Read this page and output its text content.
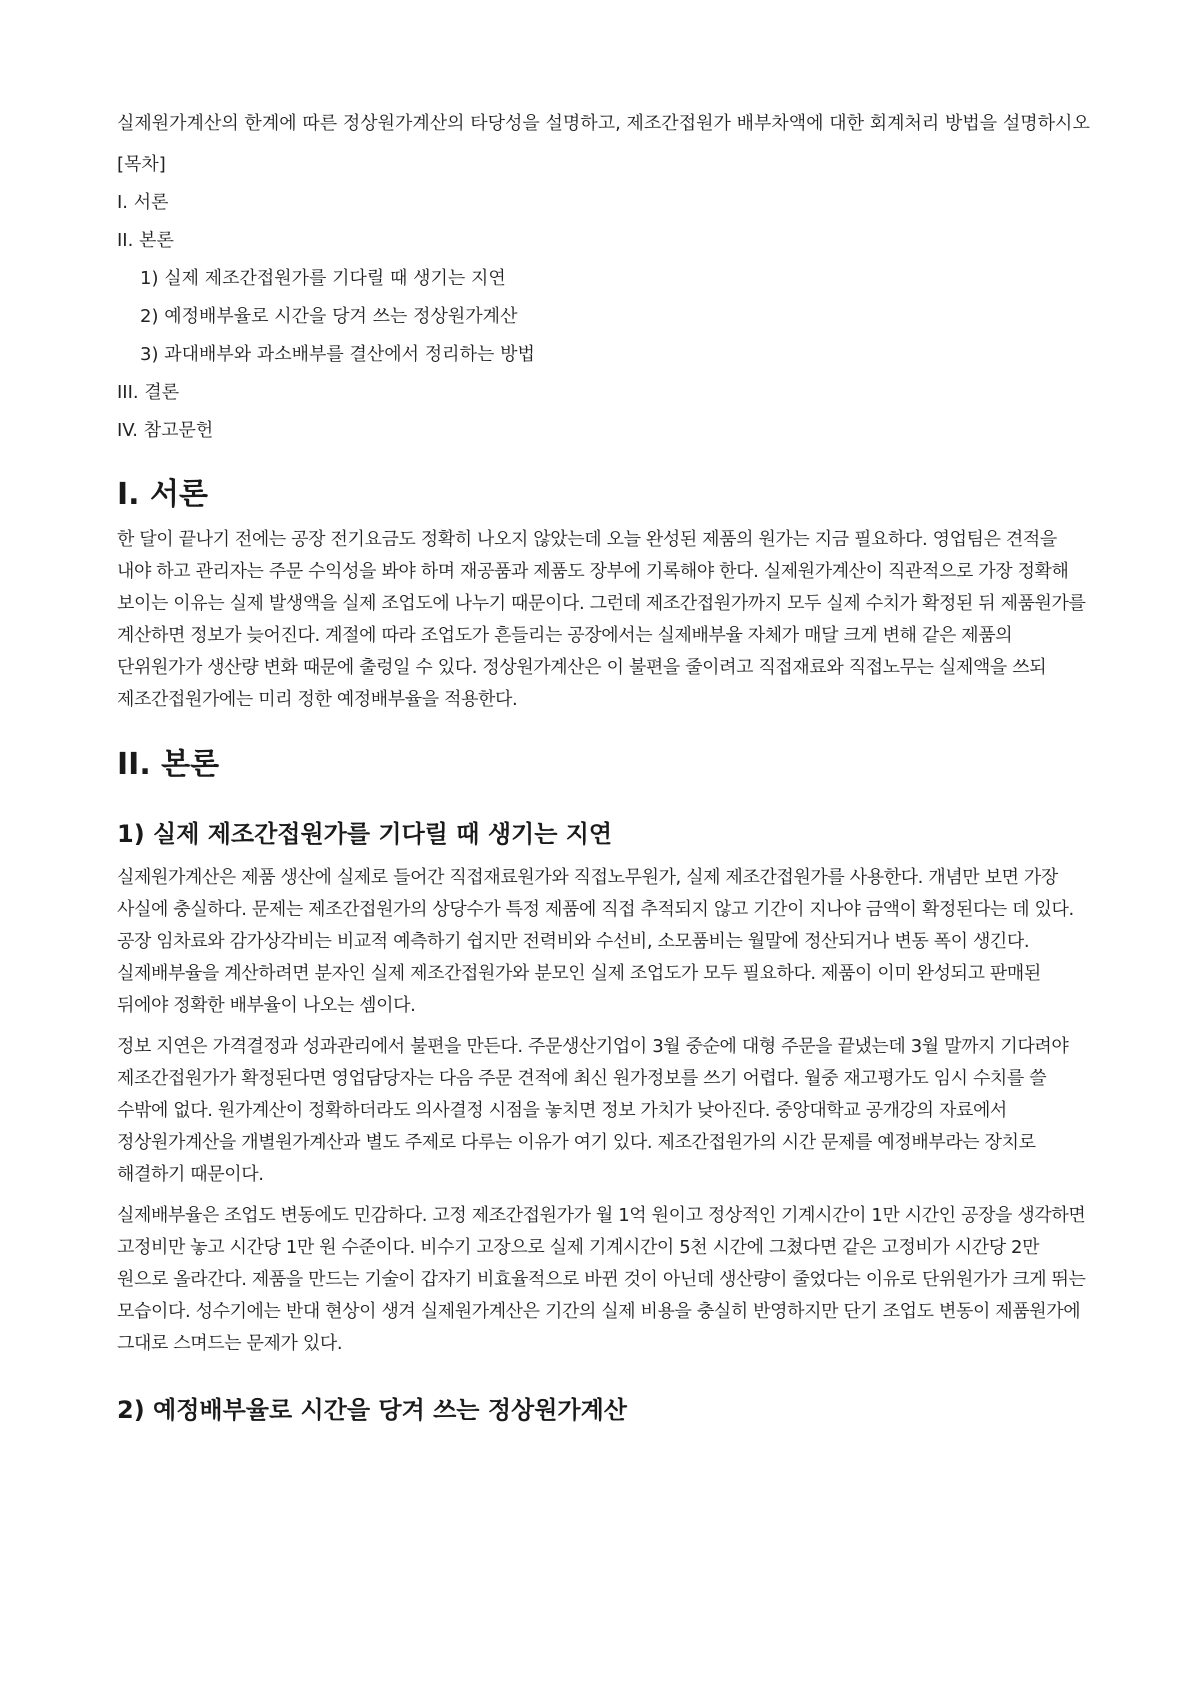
실제원가계산의 한계에 따른 정상원가계산의 타당성을 설명하고, 제조간접원가 배부차액에 대한 회계처리 방법을 설명하시오
[목차]
I. 서론
II. 본론
1) 실제 제조간접원가를 기다릴 때 생기는 지연
2) 예정배부율로 시간을 당겨 쓰는 정상원가계산
3) 과대배부와 과소배부를 결산에서 정리하는 방법
III. 결론
IV. 참고문헌
I. 서론

한 달이 끝나기 전에는 공장 전기요금도 정확히 나오지 않았는데 오늘 완성된 제품의 원가는 지금 필요하다. 영업팀은 견적을 내야 하고 관리자는 주문 수익성을 봐야 하며 재공품과 제품도 장부에 기록해야 한다. 실제원가계산이 직관적으로 가장 정확해 보이는 이유는 실제 발생액을 실제 조업도에 나누기 때문이다. 그런데 제조간접원가까지 모두 실제 수치가 확정된 뒤 제품원가를 계산하면 정보가 늦어진다. 계절에 따라 조업도가 흔들리는 공장에서는 실제배부율 자체가 매달 크게 변해 같은 제품의 단위원가가 생산량 변화 때문에 출렁일 수 있다. 정상원가계산은 이 불편을 줄이려고 직접재료와 직접노무는 실제액을 쓰되 제조간접원가에는 미리 정한 예정배부율을 적용한다.

II. 본론
1) 실제 제조간접원가를 기다릴 때 생기는 지연

실제원가계산은 제품 생산에 실제로 들어간 직접재료원가와 직접노무원가, 실제 제조간접원가를 사용한다. 개념만 보면 가장 사실에 충실하다. 문제는 제조간접원가의 상당수가 특정 제품에 직접 추적되지 않고 기간이 지나야 금액이 확정된다는 데 있다. 공장 임차료와 감가상각비는 비교적 예측하기 쉽지만 전력비와 수선비, 소모품비는 월말에 정산되거나 변동 폭이 생긴다. 실제배부율을 계산하려면 분자인 실제 제조간접원가와 분모인 실제 조업도가 모두 필요하다. 제품이 이미 완성되고 판매된 뒤에야 정확한 배부율이 나오는 셈이다.

정보 지연은 가격결정과 성과관리에서 불편을 만든다. 주문생산기업이 3월 중순에 대형 주문을 끝냈는데 3월 말까지 기다려야 제조간접원가가 확정된다면 영업담당자는 다음 주문 견적에 최신 원가정보를 쓰기 어렵다. 월중 재고평가도 임시 수치를 쓸 수밖에 없다. 원가계산이 정확하더라도 의사결정 시점을 놓치면 정보 가치가 낮아진다. 중앙대학교 공개강의 자료에서 정상원가계산을 개별원가계산과 별도 주제로 다루는 이유가 여기 있다. 제조간접원가의 시간 문제를 예정배부라는 장치로 해결하기 때문이다.

실제배부율은 조업도 변동에도 민감하다. 고정 제조간접원가가 월 1억 원이고 정상적인 기계시간이 1만 시간인 공장을 생각하면 고정비만 놓고 시간당 1만 원 수준이다. 비수기 고장으로 실제 기계시간이 5천 시간에 그쳤다면 같은 고정비가 시간당 2만 원으로 올라간다. 제품을 만드는 기술이 갑자기 비효율적으로 바뀐 것이 아닌데 생산량이 줄었다는 이유로 단위원가가 크게 뛰는 모습이다. 성수기에는 반대 현상이 생겨 실제원가계산은 기간의 실제 비용을 충실히 반영하지만 단기 조업도 변동이 제품원가에 그대로 스며드는 문제가 있다.

2) 예정배부율로 시간을 당겨 쓰는 정상원가계산
